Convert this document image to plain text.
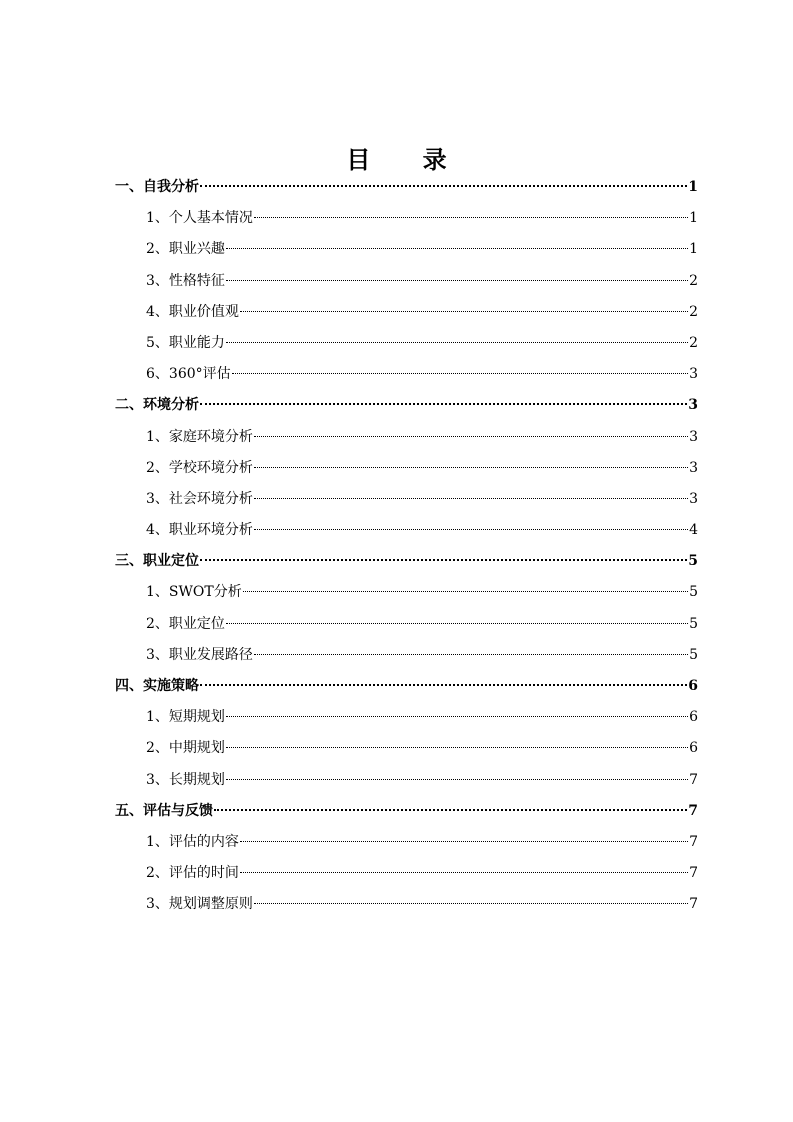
目 录
一、自我分析	1
1、个人基本情况	1
2、职业兴趣	1
3、性格特征	2
4、职业价值观	2
5、职业能力	2
6、360°评估	3
二、环境分析	3
1、家庭环境分析	3
2、学校环境分析	3
3、社会环境分析	3
4、职业环境分析	4
三、职业定位	5
1、SWOT分析	5
2、职业定位	5
3、职业发展路径	5
四、实施策略	6
1、短期规划	6
2、中期规划	6
3、长期规划	7
五、评估与反馈	7
1、评估的内容	7
2、评估的时间	7
3、规划调整原则	7
